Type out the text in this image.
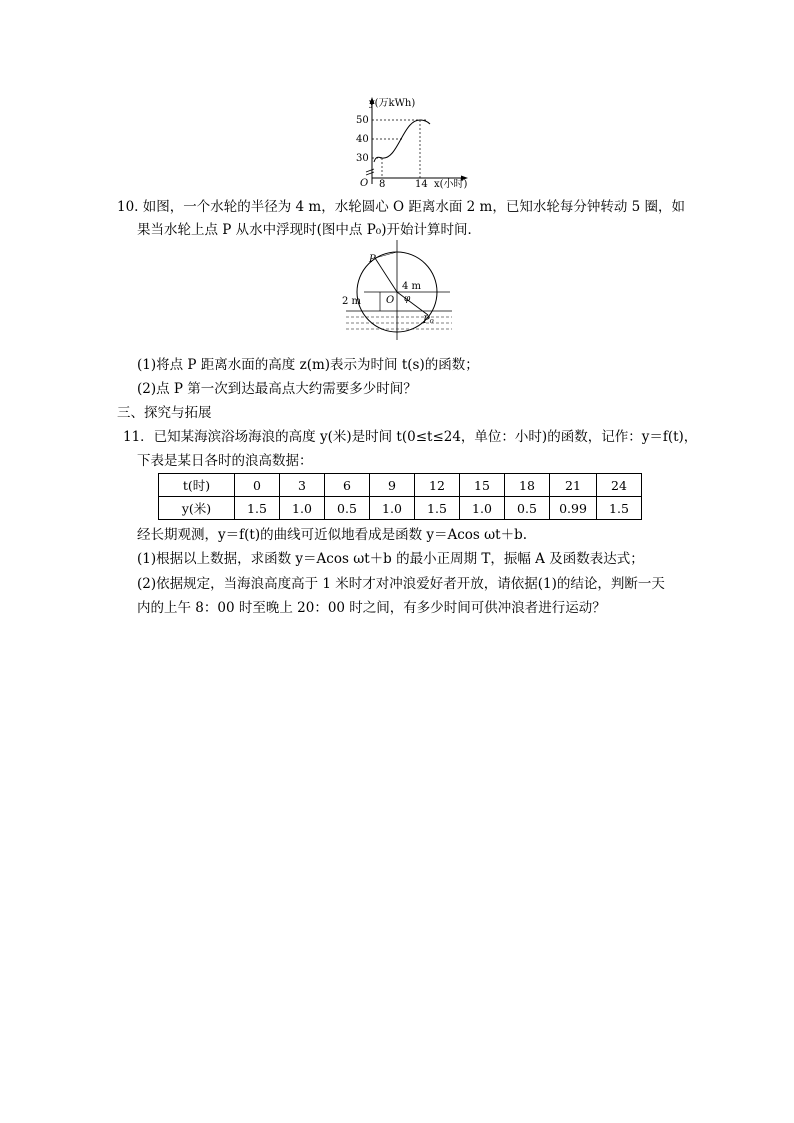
y(万kWh)
50
40
30
O 8	14 x(小时)
10. 如图，一个水轮的半径为 4 m，水轮圆心 O 距离水面 2 m，已知水轮每分钟转动 5 圈，如
果当水轮上点 P 从水中浮现时(图中点 P₀)开始计算时间．
P
4 m
φ
O
2 m
P₀
(1)将点 P 距离水面的高度 z(m)表示为时间 t(s)的函数；
(2)点 P 第一次到达最高点大约需要多少时间？
三、探究与拓展
11．已知某海滨浴场海浪的高度 y(米)是时间 t(0≤t≤24，单位：小时)的函数，记作：y＝f(t)，
下表是某日各时的浪高数据：
t(时)	0	3	6	9	12	15	18	21	24
y(米)	1.5	1.0	0.5	1.0	1.5	1.0	0.5	0.99	1.5
经长期观测，y＝f(t)的曲线可近似地看成是函数 y＝Acos ωt＋b.
(1)根据以上数据，求函数 y＝Acos ωt＋b 的最小正周期 T，振幅 A 及函数表达式；
(2)依据规定，当海浪高度高于 1 米时才对冲浪爱好者开放，请依据(1)的结论，判断一天
内的上午 8：00 时至晚上 20：00 时之间，有多少时间可供冲浪者进行运动？
